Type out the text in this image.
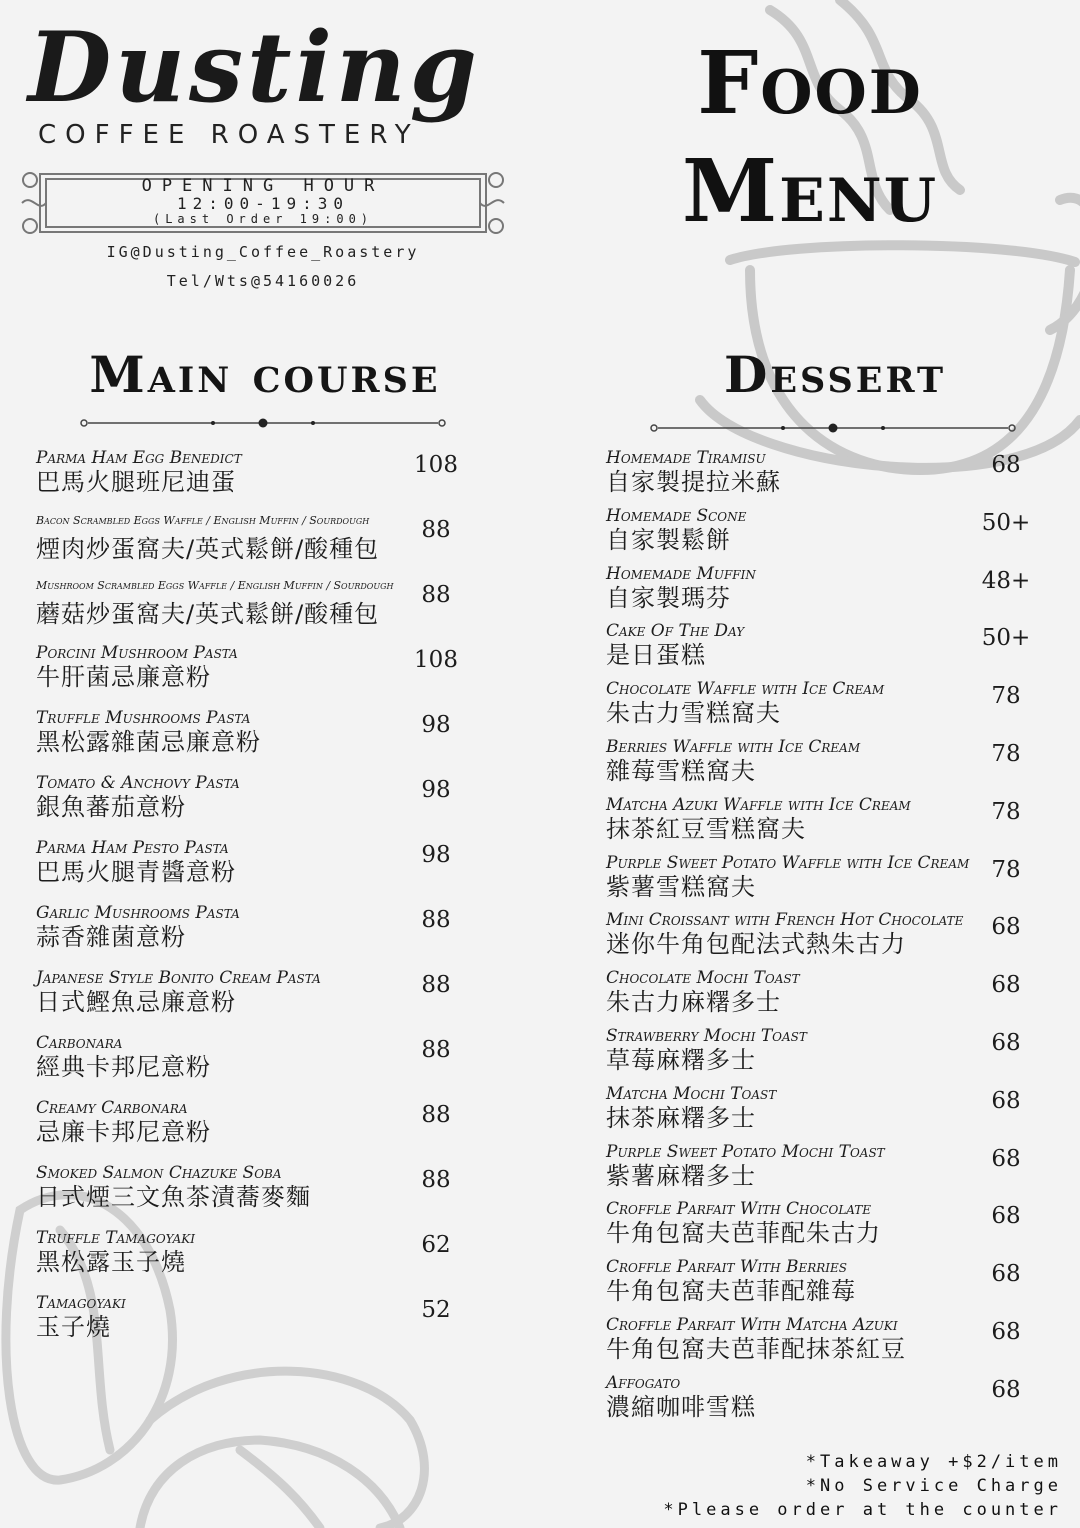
Dusting
COFFEE ROASTERY
OPENING HOUR
12:00-19:30
(Last Order 19:00)
IG@Dusting_Coffee_Roastery
Tel/Wts@54160026
Food
Menu
Main course	Dessert
Parma Ham Egg Benedict
巴馬火腿班尼迪蛋
108
Bacon Scrambled Eggs Waffle / English Muffin / Sourdough
煙肉炒蛋窩夫/英式鬆餅/酸種包
88
Mushroom Scrambled Eggs Waffle / English Muffin / Sourdough
蘑菇炒蛋窩夫/英式鬆餅/酸種包
88
Porcini Mushroom Pasta
牛肝菌忌廉意粉
108
Truffle Mushrooms Pasta
黑松露雜菌忌廉意粉
98
Tomato & Anchovy Pasta
銀魚蕃茄意粉
98
Parma Ham Pesto Pasta
巴馬火腿青醬意粉
98
Garlic Mushrooms Pasta
蒜香雜菌意粉
88
Japanese Style Bonito Cream Pasta
日式鰹魚忌廉意粉
88
Carbonara
經典卡邦尼意粉
88
Creamy Carbonara
忌廉卡邦尼意粉
88
Smoked Salmon Chazuke Soba
日式煙三文魚茶漬蕎麥麵
88
Truffle Tamagoyaki
黑松露玉子燒
62
Tamagoyaki
玉子燒
52
Homemade Tiramisu
自家製提拉米蘇
68
Homemade Scone
自家製鬆餅
50+
Homemade Muffin
自家製瑪芬
48+
Cake Of The Day
是日蛋糕
50+
Chocolate Waffle with Ice Cream
朱古力雪糕窩夫
78
Berries Waffle with Ice Cream
雜莓雪糕窩夫
78
Matcha Azuki Waffle with Ice Cream
抹茶紅豆雪糕窩夫
78
Purple Sweet Potato Waffle with Ice Cream
紫薯雪糕窩夫
78
Mini Croissant with French Hot Chocolate
迷你牛角包配法式熱朱古力
68
Chocolate Mochi Toast
朱古力麻糬多士
68
Strawberry Mochi Toast
草莓麻糬多士
68
Matcha Mochi Toast
抹茶麻糬多士
68
Purple Sweet Potato Mochi Toast
紫薯麻糬多士
68
Croffle Parfait With Chocolate
牛角包窩夫芭菲配朱古力
68
Croffle Parfait With Berries
牛角包窩夫芭菲配雜莓
68
Croffle Parfait With Matcha Azuki
牛角包窩夫芭菲配抹茶紅豆
68
Affogato
濃縮咖啡雪糕
68
*Takeaway +$2/item
*No Service Charge
*Please order at the counter
